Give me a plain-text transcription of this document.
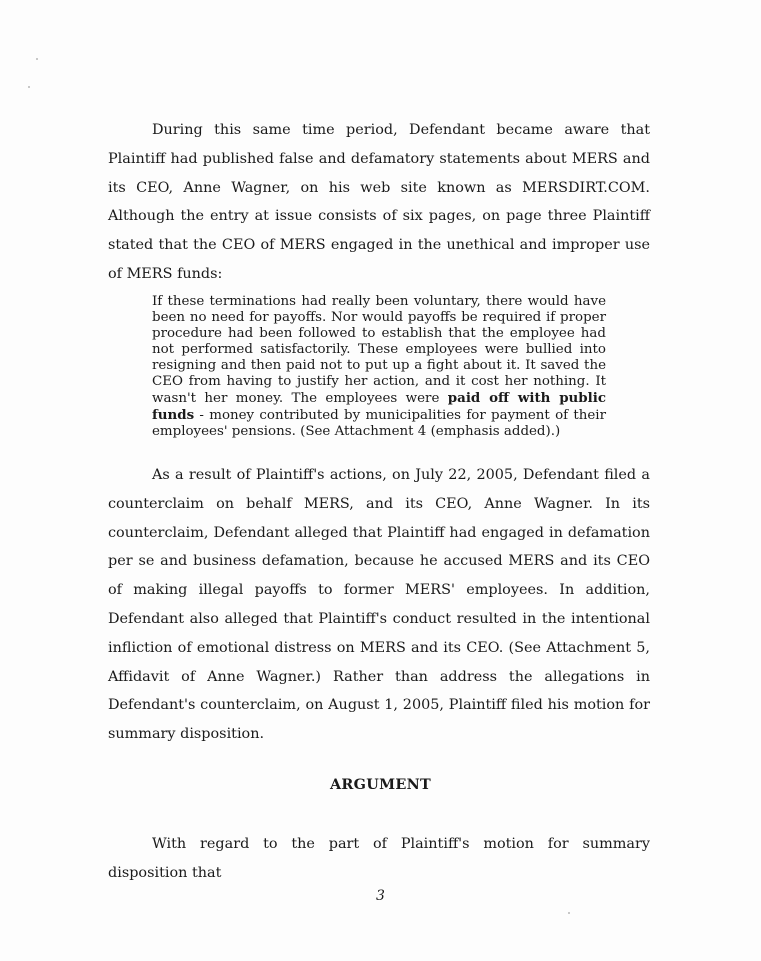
During this same time period, Defendant became aware that Plaintiff had published false and defamatory statements about MERS and its CEO, Anne Wagner, on his web site known as MERSDIRT.COM. Although the entry at issue consists of six pages, on page three Plaintiff stated that the CEO of MERS engaged in the unethical and improper use of MERS funds:

If these terminations had really been voluntary, there would have been no need for payoffs. Nor would payoffs be required if proper procedure had been followed to establish that the employee had not performed satisfactorily. These employees were bullied into resigning and then paid not to put up a fight about it. It saved the CEO from having to justify her action, and it cost her nothing. It wasn't her money. The employees were paid off with public funds - money contributed by municipalities for payment of their employees' pensions. (See Attachment 4 (emphasis added).)

As a result of Plaintiff's actions, on July 22, 2005, Defendant filed a counterclaim on behalf MERS, and its CEO, Anne Wagner. In its counterclaim, Defendant alleged that Plaintiff had engaged in defamation per se and business defamation, because he accused MERS and its CEO of making illegal payoffs to former MERS' employees. In addition, Defendant also alleged that Plaintiff's conduct resulted in the intentional infliction of emotional distress on MERS and its CEO. (See Attachment 5, Affidavit of Anne Wagner.) Rather than address the allegations in Defendant's counterclaim, on August 1, 2005, Plaintiff filed his motion for summary disposition.

ARGUMENT

With regard to the part of Plaintiff's motion for summary disposition that

3
